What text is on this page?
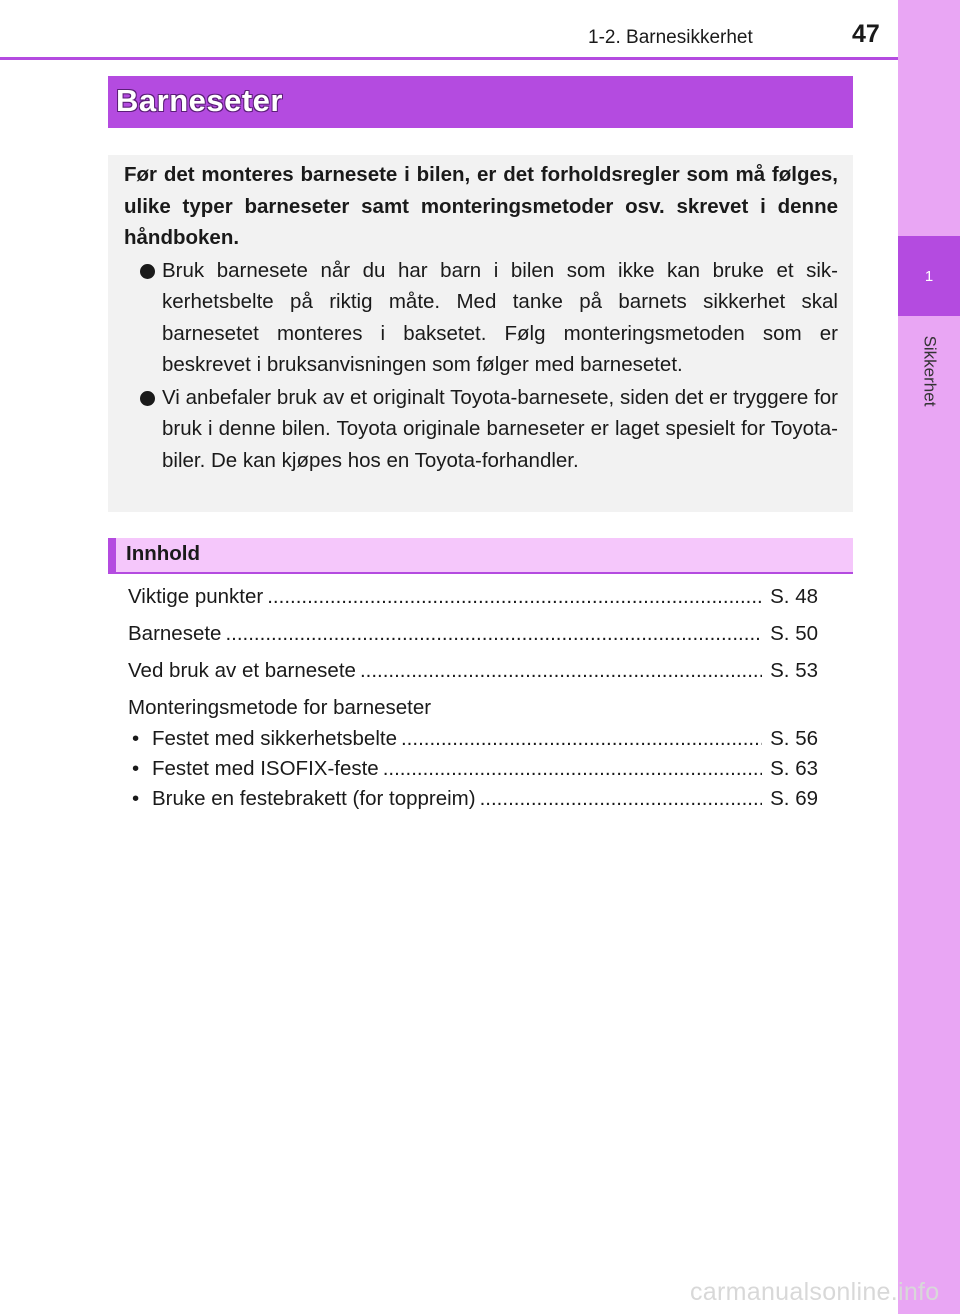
1
Sikkerhet
1-2. Barnesikkerhet	47
Barneseter

Før det monteres barnesete i bilen, er det forholdsregler som må følges, ulike typer barneseter samt monteringsmetoder osv. skrevet i denne håndboken.

Bruk barnesete når du har barn i bilen som ikke kan bruke et sikkerhetsbelte på riktig måte. Med tanke på barnets sikkerhet skal barnesetet monteres i baksetet. Følg monteringsmetoden som er beskrevet i bruksanvisningen som følger med barnesetet.
Vi anbefaler bruk av et originalt Toyota-barnesete, siden det er tryggere for bruk i denne bilen. Toyota originale barneseter er laget spesielt for Toyota-biler. De kan kjøpes hos en Toyota-forhandler.
Innhold
Viktige punkter .....	S. 48
Barnesete .....	S. 50
Ved bruk av et barnesete .....	S. 53
Monteringsmetode for barneseter
• Festet med sikkerhetsbelte .....	S. 56
• Festet med ISOFIX-feste .....	S. 63
• Bruke en festebrakett (for toppreim) .....	S. 69
carmanualsonline.info
